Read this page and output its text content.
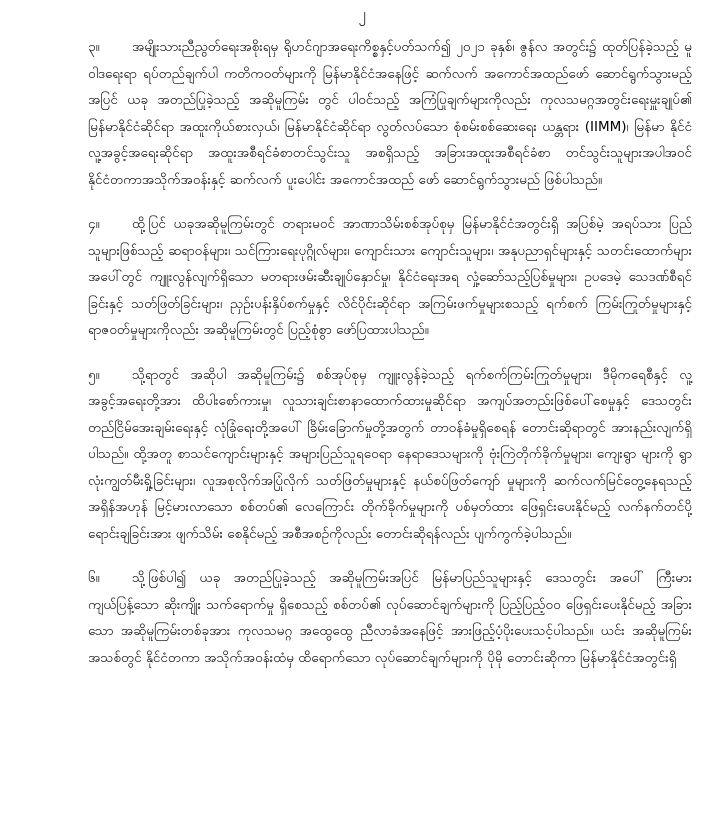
၂

၃။ အမျိုးသားညီညွတ်ရေးအစိုးရမှ ရိုဟင်ဂျာအရေးကိစ္စနှင့်ပတ်သက်၍ ၂၀၂၁ ခုနှစ်၊ ဇွန်လ အတွင်း၌ ထုတ်ပြန်ခဲ့သည့် မူဝါဒရေးရာ ရပ်တည်ချက်ပါ ကတိကဝတ်များကို မြန်မာနိုင်ငံအနေဖြင့် ဆက်လက် အကောင်အထည်ဖော် ဆောင်ရွက်သွားမည့်အပြင် ယခု အတည်ပြုခဲ့သည့် အဆိုမူကြမ်း တွင် ပါဝင်သည့် အကြံပြုချက်များကိုလည်း ကုလသမဂ္ဂအတွင်းရေးမှူးချုပ်၏ မြန်မာနိုင်ငံဆိုင်ရာ အထူးကိုယ်စားလှယ်၊ မြန်မာနိုင်ငံဆိုင်ရာ လွတ်လပ်သော စုံစမ်းစစ်ဆေးရေး ယန္တရား (IIMM)၊ မြန်မာ နိုင်ငံ လူ့အခွင့်အရေးဆိုင်ရာ အထူးအစီရင်ခံစာတင်သွင်းသူ အစရှိသည့် အခြားအထူးအစီရင်ခံစာ တင်သွင်းသူများအပါအဝင် နိုင်ငံတကာအသိုက်အဝန်းနှင့် ဆက်လက် ပူးပေါင်း အကောင်အထည် ဖော် ဆောင်ရွက်သွားမည် ဖြစ်ပါသည်။

၄။ ထို့ပြင် ယခုအဆိုမူကြမ်းတွင် တရားမဝင် အာဏာသိမ်းစစ်အုပ်စုမှ မြန်မာနိုင်ငံအတွင်းရှိ အပြစ်မဲ့ အရပ်သား ပြည်သူများဖြစ်သည့် ဆရာဝန်များ၊ သင်ကြားရေးပုဂ္ဂိုလ်များ၊ ကျောင်းသား ကျောင်းသူများ၊ အနုပညာရှင်များနှင့် သတင်းထောက်များ အပေါ်တွင် ကျူးလွန်လျက်ရှိသော မတရားဖမ်းဆီးချုပ်နှောင်မှု၊ နိုင်ငံရေးအရ လှုံ့ဆော်သည့်ပြစ်မှုများ၊ ဥပဒေမဲ့ သေဒဏ်စီရင်ခြင်းနှင့် သတ်ဖြတ်ခြင်းများ၊ ညှဉ်းပန်းနှိပ်စက်မှုနှင့် လိင်ပိုင်းဆိုင်ရာ အကြမ်းဖက်မှုများစသည့် ရက်စက် ကြမ်းကြုတ်မှုများနှင့် ရာဇဝတ်မှုများကိုလည်း အဆိုမူကြမ်းတွင် ပြည့်စုံစွာ ဖော်ပြထားပါသည်။

၅။ သို့ရာတွင် အဆိုပါ အဆိုမူကြမ်း၌ စစ်အုပ်စုမှ ကျူးလွန်ခဲ့သည့် ရက်စက်ကြမ်းကြုတ်မှုများ၊ ဒီမိုကရေစီနှင့် လူ့အခွင့်အရေးတို့အား ထိပါးစော်ကားမှု၊ လူသားချင်းစာနာထောက်ထားမှုဆိုင်ရာ အကျပ်အတည်းဖြစ်ပေါ်စေမှုနှင့် ဒေသတွင်း တည်ငြိမ်အေးချမ်းရေးနှင့် လုံခြုံရေးတို့အပေါ် ခြိမ်းခြောက်မှုတို့အတွက် တာဝန်ခံမှုရှိစေရန် တောင်းဆိုရာတွင် အားနည်းလျက်ရှိပါသည်။ ထို့အတူ စာသင်ကျောင်းများနှင့် အများပြည်သူရဝေရာ နေရာဒေသများကို ဗုံးကြဲတိုက်ခိုက်မှုများ၊ ကျေးရွာ များကို ရွာလုံးကျွတ်မီးရှို့ခြင်းများ၊ လူအစုလိုက်အပြုံလိုက် သတ်ဖြတ်မှုများနှင့် နယ်စပ်ဖြတ်ကျော် မှုများကို ဆက်လက်မြင်တွေ့နေရသည့် အရှိန်အဟုန် မြင့်မားလာသော စစ်တပ်၏ လေကြောင်း တိုက်ခိုက်မှုများကို ပစ်မှတ်ထား ဖြေရှင်းပေးနိုင်မည့် လက်နက်တင်ပို့ရောင်းချခြင်းအား ဖျက်သိမ်း စေနိုင်မည့် အစီအစဉ်ကိုလည်း တောင်းဆိုရန်လည်း ပျက်ကွက်ခဲ့ပါသည်။

၆။ သို့ဖြစ်ပါ၍ ယခု အတည်ပြုခဲ့သည့် အဆိုမူကြမ်းအပြင် မြန်မာပြည်သူများနှင့် ဒေသတွင်း အပေါ် ကြီးမားကျယ်ပြန့်သော ဆိုးကျိုး သက်ရောက်မှု ရှိစေသည့် စစ်တပ်၏ လုပ်ဆောင်ချက်များကို ပြည့်ပြည့်ဝဝ ဖြေရှင်းပေးနိုင်မည့် အခြားသော အဆိုမူကြမ်းတစ်ခုအား ကုလသမဂ္ဂ အထွေထွေ ညီလာခံအနေဖြင့် အားဖြည့်ပံ့ပိုးပေးသင့်ပါသည်။ ယင်း အဆိုမူကြမ်း အသစ်တွင် နိုင်ငံတကာ အသိုက်အဝန်းထံမှ ထိရောက်သော လုပ်ဆောင်ချက်များကို ပိုမို တောင်းဆိုကာ မြန်မာနိုင်ငံအတွင်းရှိ
